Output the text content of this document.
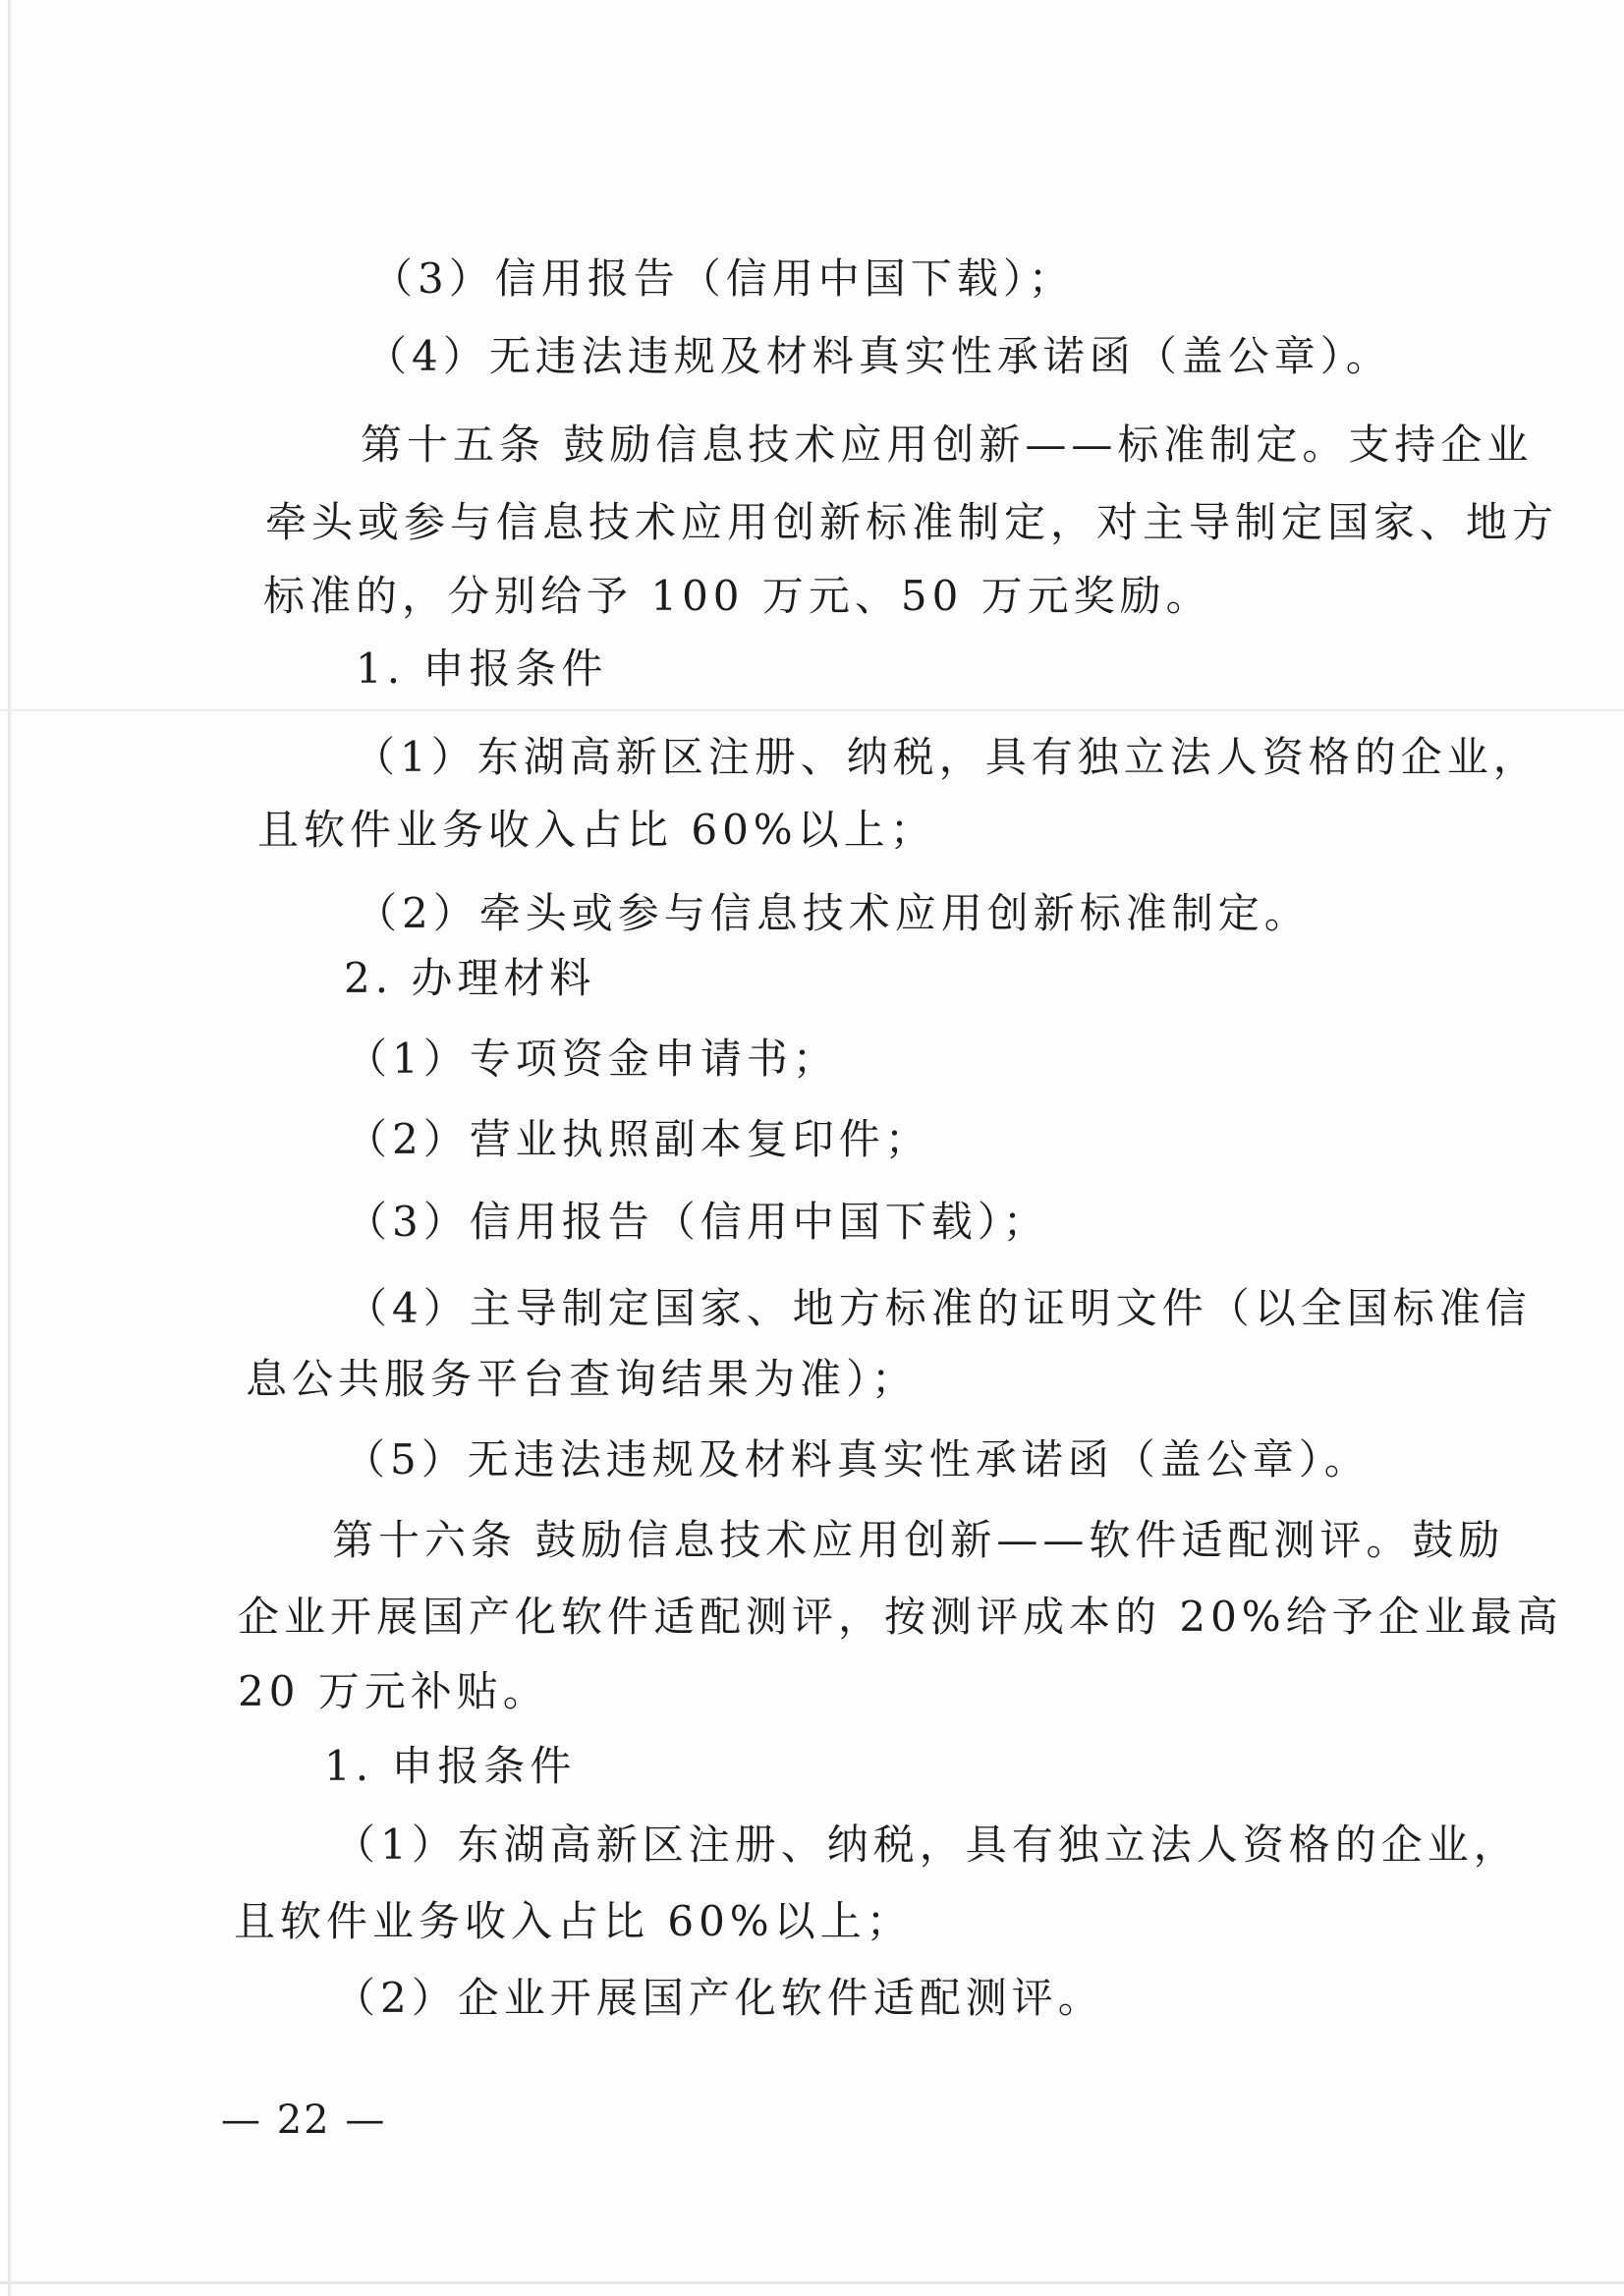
（3）信用报告（信用中国下载）；
（4）无违法违规及材料真实性承诺函（盖公章）。
第十五条 鼓励信息技术应用创新——标准制定。支持企业
牵头或参与信息技术应用创新标准制定，对主导制定国家、地方
标准的，分别给予 100 万元、50 万元奖励。
1. 申报条件
（1）东湖高新区注册、纳税，具有独立法人资格的企业，
且软件业务收入占比 60%以上；
（2）牵头或参与信息技术应用创新标准制定。
2. 办理材料
（1）专项资金申请书；
（2）营业执照副本复印件；
（3）信用报告（信用中国下载）；
（4）主导制定国家、地方标准的证明文件（以全国标准信
息公共服务平台查询结果为准）；
（5）无违法违规及材料真实性承诺函（盖公章）。
第十六条 鼓励信息技术应用创新——软件适配测评。鼓励
企业开展国产化软件适配测评，按测评成本的 20%给予企业最高
20 万元补贴。
1. 申报条件
（1）东湖高新区注册、纳税，具有独立法人资格的企业，
且软件业务收入占比 60%以上；
（2）企业开展国产化软件适配测评。
— 22 —
